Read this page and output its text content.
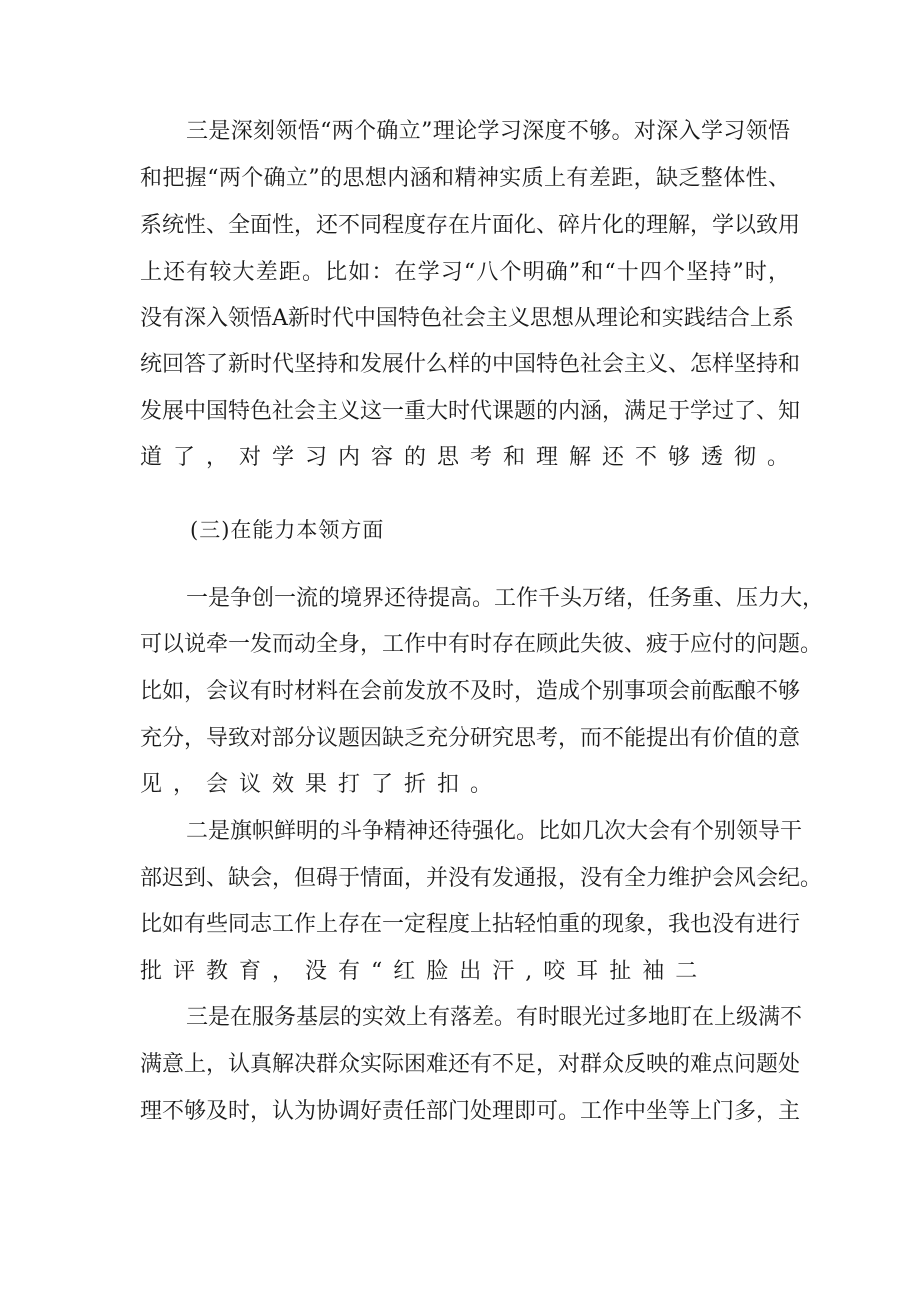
三是深刻领悟“两个确立”理论学习深度不够。对深入学习领悟
和把握“两个确立”的思想内涵和精神实质上有差距，缺乏整体性、
系统性、全面性，还不同程度存在片面化、碎片化的理解，学以致用
上还有较大差距。比如：在学习“八个明确”和“十四个坚持”时，
没有深入领悟A新时代中国特色社会主义思想从理论和实践结合上系
统回答了新时代坚持和发展什么样的中国特色社会主义、怎样坚持和
发展中国特色社会主义这一重大时代课题的内涵，满足于学过了、知
道了，对学习内容的思考和理解还不够透彻。
(三)在能力本领方面
一是争创一流的境界还待提高。工作千头万绪，任务重、压力大，
可以说牵一发而动全身，工作中有时存在顾此失彼、疲于应付的问题。
比如，会议有时材料在会前发放不及时，造成个别事项会前酝酿不够
充分，导致对部分议题因缺乏充分研究思考，而不能提出有价值的意
见，会议效果打了折扣。
二是旗帜鲜明的斗争精神还待强化。比如几次大会有个别领导干
部迟到、缺会，但碍于情面，并没有发通报，没有全力维护会风会纪。
比如有些同志工作上存在一定程度上拈轻怕重的现象，我也没有进行
批评教育，没有“红脸出汗,咬耳扯袖二
三是在服务基层的实效上有落差。有时眼光过多地盯在上级满不
满意上，认真解决群众实际困难还有不足，对群众反映的难点问题处
理不够及时，认为协调好责任部门处理即可。工作中坐等上门多，主
